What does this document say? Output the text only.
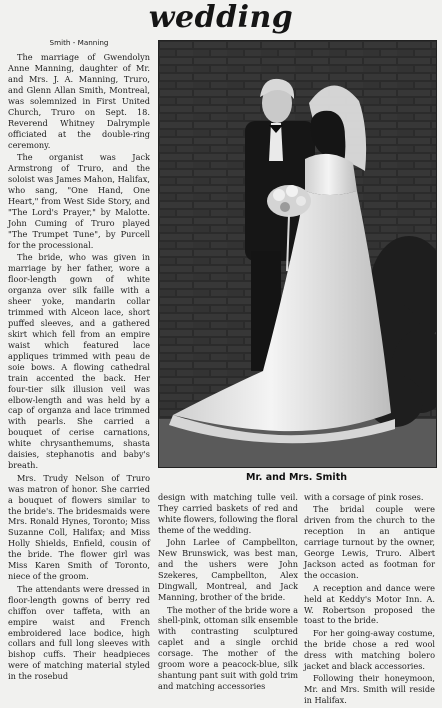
wedding

Smith - Manning

The marriage of Gwendolyn Anne Manning, daughter of Mr. and Mrs. J. A. Manning, Truro, and Glenn Allan Smith, Montreal, was solemnized in First United Church, Truro on Sept. 18. Reverend Whitney Dalrymple officiated at the double-ring ceremony.

The organist was Jack Armstrong of Truro, and the soloist was James Mahon, Halifax, who sang, "One Hand, One Heart," from West Side Story, and "The Lord's Prayer," by Malotte. John Cuming of Truro played "The Trumpet Tune", by Purcell for the processional.

The bride, who was given in marriage by her father, wore a floor-length gown of white organza over silk faille with a sheer yoke, mandarin collar trimmed with Alceon lace, short puffed sleeves, and a gathered skirt which fell from an empire waist which featured lace appliques trimmed with peau de soie bows. A flowing cathedral train accented the back. Her four-tier silk illusion veil was elbow-length and was held by a cap of organza and lace trimmed with pearls. She carried a bouquet of cerise carnations, white chrysanthemums, shasta daisies, stephanotis and baby's breath.

Mrs. Trudy Nelson of Truro was matron of honor. She carried a bouquet of flowers similar to the bride's. The bridesmaids were Mrs. Ronald Hynes, Toronto; Miss Suzanne Coll, Halifax; and Miss Holly Shields, Enfield, cousin of the bride. The flower girl was Miss Karen Smith of Toronto, niece of the groom.

The attendants were dressed in floor-length gowns of berry red chiffon over taffeta, with an empire waist and French embroidered lace bodice, high collars and full long sleeves with bishop cuffs. Their headpieces were of matching material styled in the rosebud

Mr. and Mrs. Smith

design with matching tulle veil. They carried baskets of red and white flowers, following the floral theme of the wedding.

John Larlee of Campbellton, New Brunswick, was best man, and the ushers were John Szekeres, Campbellton, Alex Dingwall, Montreal, and Jack Manning, brother of the bride.

The mother of the bride wore a shell-pink, ottoman silk ensemble with contrasting sculptured caplet and a single orchid corsage. The mother of the groom wore a peacock-blue, silk shantung pant suit with gold trim and matching accessories

with a corsage of pink roses.

The bridal couple were driven from the church to the reception in an antique carriage turnout by the owner, George Lewis, Truro. Albert Jackson acted as footman for the occasion.

A reception and dance were held at Keddy's Motor Inn. A. W. Robertson proposed the toast to the bride.

For her going-away costume, the bride chose a red wool dress with matching bolero jacket and black accessories.

Following their honeymoon, Mr. and Mrs. Smith will reside in Halifax.
